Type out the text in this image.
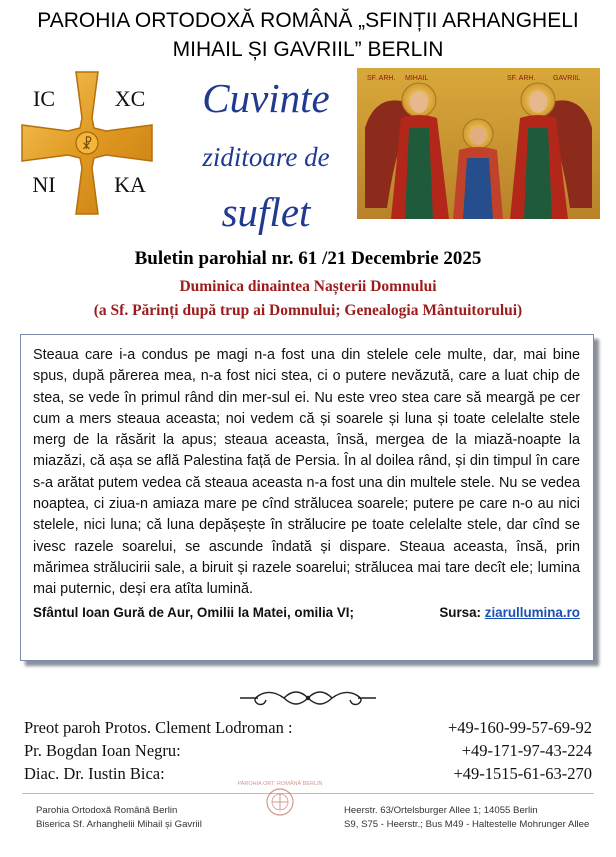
PAROHIA ORTODOXĂ ROMÂNĂ „SFINȚII ARHANGHELI
MIHAIL ȘI GAVRIIL” BERLIN
☧
IC	XC
NI	KA
Cuvinte
ziditoare de
suflet
SF. ARH. MIHAIL	SF. ARH.	GAVRIIL
Buletin parohial nr. 61 /21 Decembrie 2025
Duminica dinaintea Nașterii Domnului
(a Sf. Părinți după trup ai Domnului; Genealogia Mântuitorului)

Steaua care i-a condus pe magi n-a fost una din stelele cele multe, dar, mai bine spus, după părerea mea, n-a fost nici stea, ci o putere nevăzută, care a luat chip de stea, se vede în primul rând din mer-sul ei. Nu este vreo stea care să meargă pe cer cum a mers steaua aceasta; noi vedem că și soarele și luna și toate celelalte stele merg de la răsărit la apus; steaua aceasta, însă, mergea de la miază-noapte la miazăzi, că așa se află Palestina față de Persia. În al doilea rând, și din timpul în care s-a arătat putem vedea că steaua aceasta n-a fost una din multele stele. Nu se vedea noaptea, ci ziua-n amiaza mare pe cînd strălucea soarele; putere pe care n-o au nici stelele, nici luna; că luna depășește în strălucire pe toate celelalte stele, dar cînd se ivesc razele soarelui, se ascunde îndată și dispare. Steaua aceasta, însă, prin mărimea strălucirii sale, a biruit și razele soarelui; strălucea mai tare decît ele; lumina mai puternic, deși era atîta lumină.

Sfântul Ioan Gură de Aur, Omilii la Matei, omilia VI;	Sursa: ziarullumina.ro
Preot paroh Protos. Clement Lodroman :	+49-160-99-57-69-92
Pr. Bogdan Ioan Negru:	+49-171-97-43-224
Diac. Dr. Iustin Bica:	+49-1515-61-63-270
Parohia Ortodoxă Română Berlin
Biserica Sf. Arhanghelii Mihail și Gavriil
PAROHIA ORT. ROMÂNĂ BERLIN
Heerstr. 63/Ortelsburger Allee 1; 14055 Berlin
S9, S75 - Heerstr.; Bus M49 - Haltestelle Mohrunger Allee
